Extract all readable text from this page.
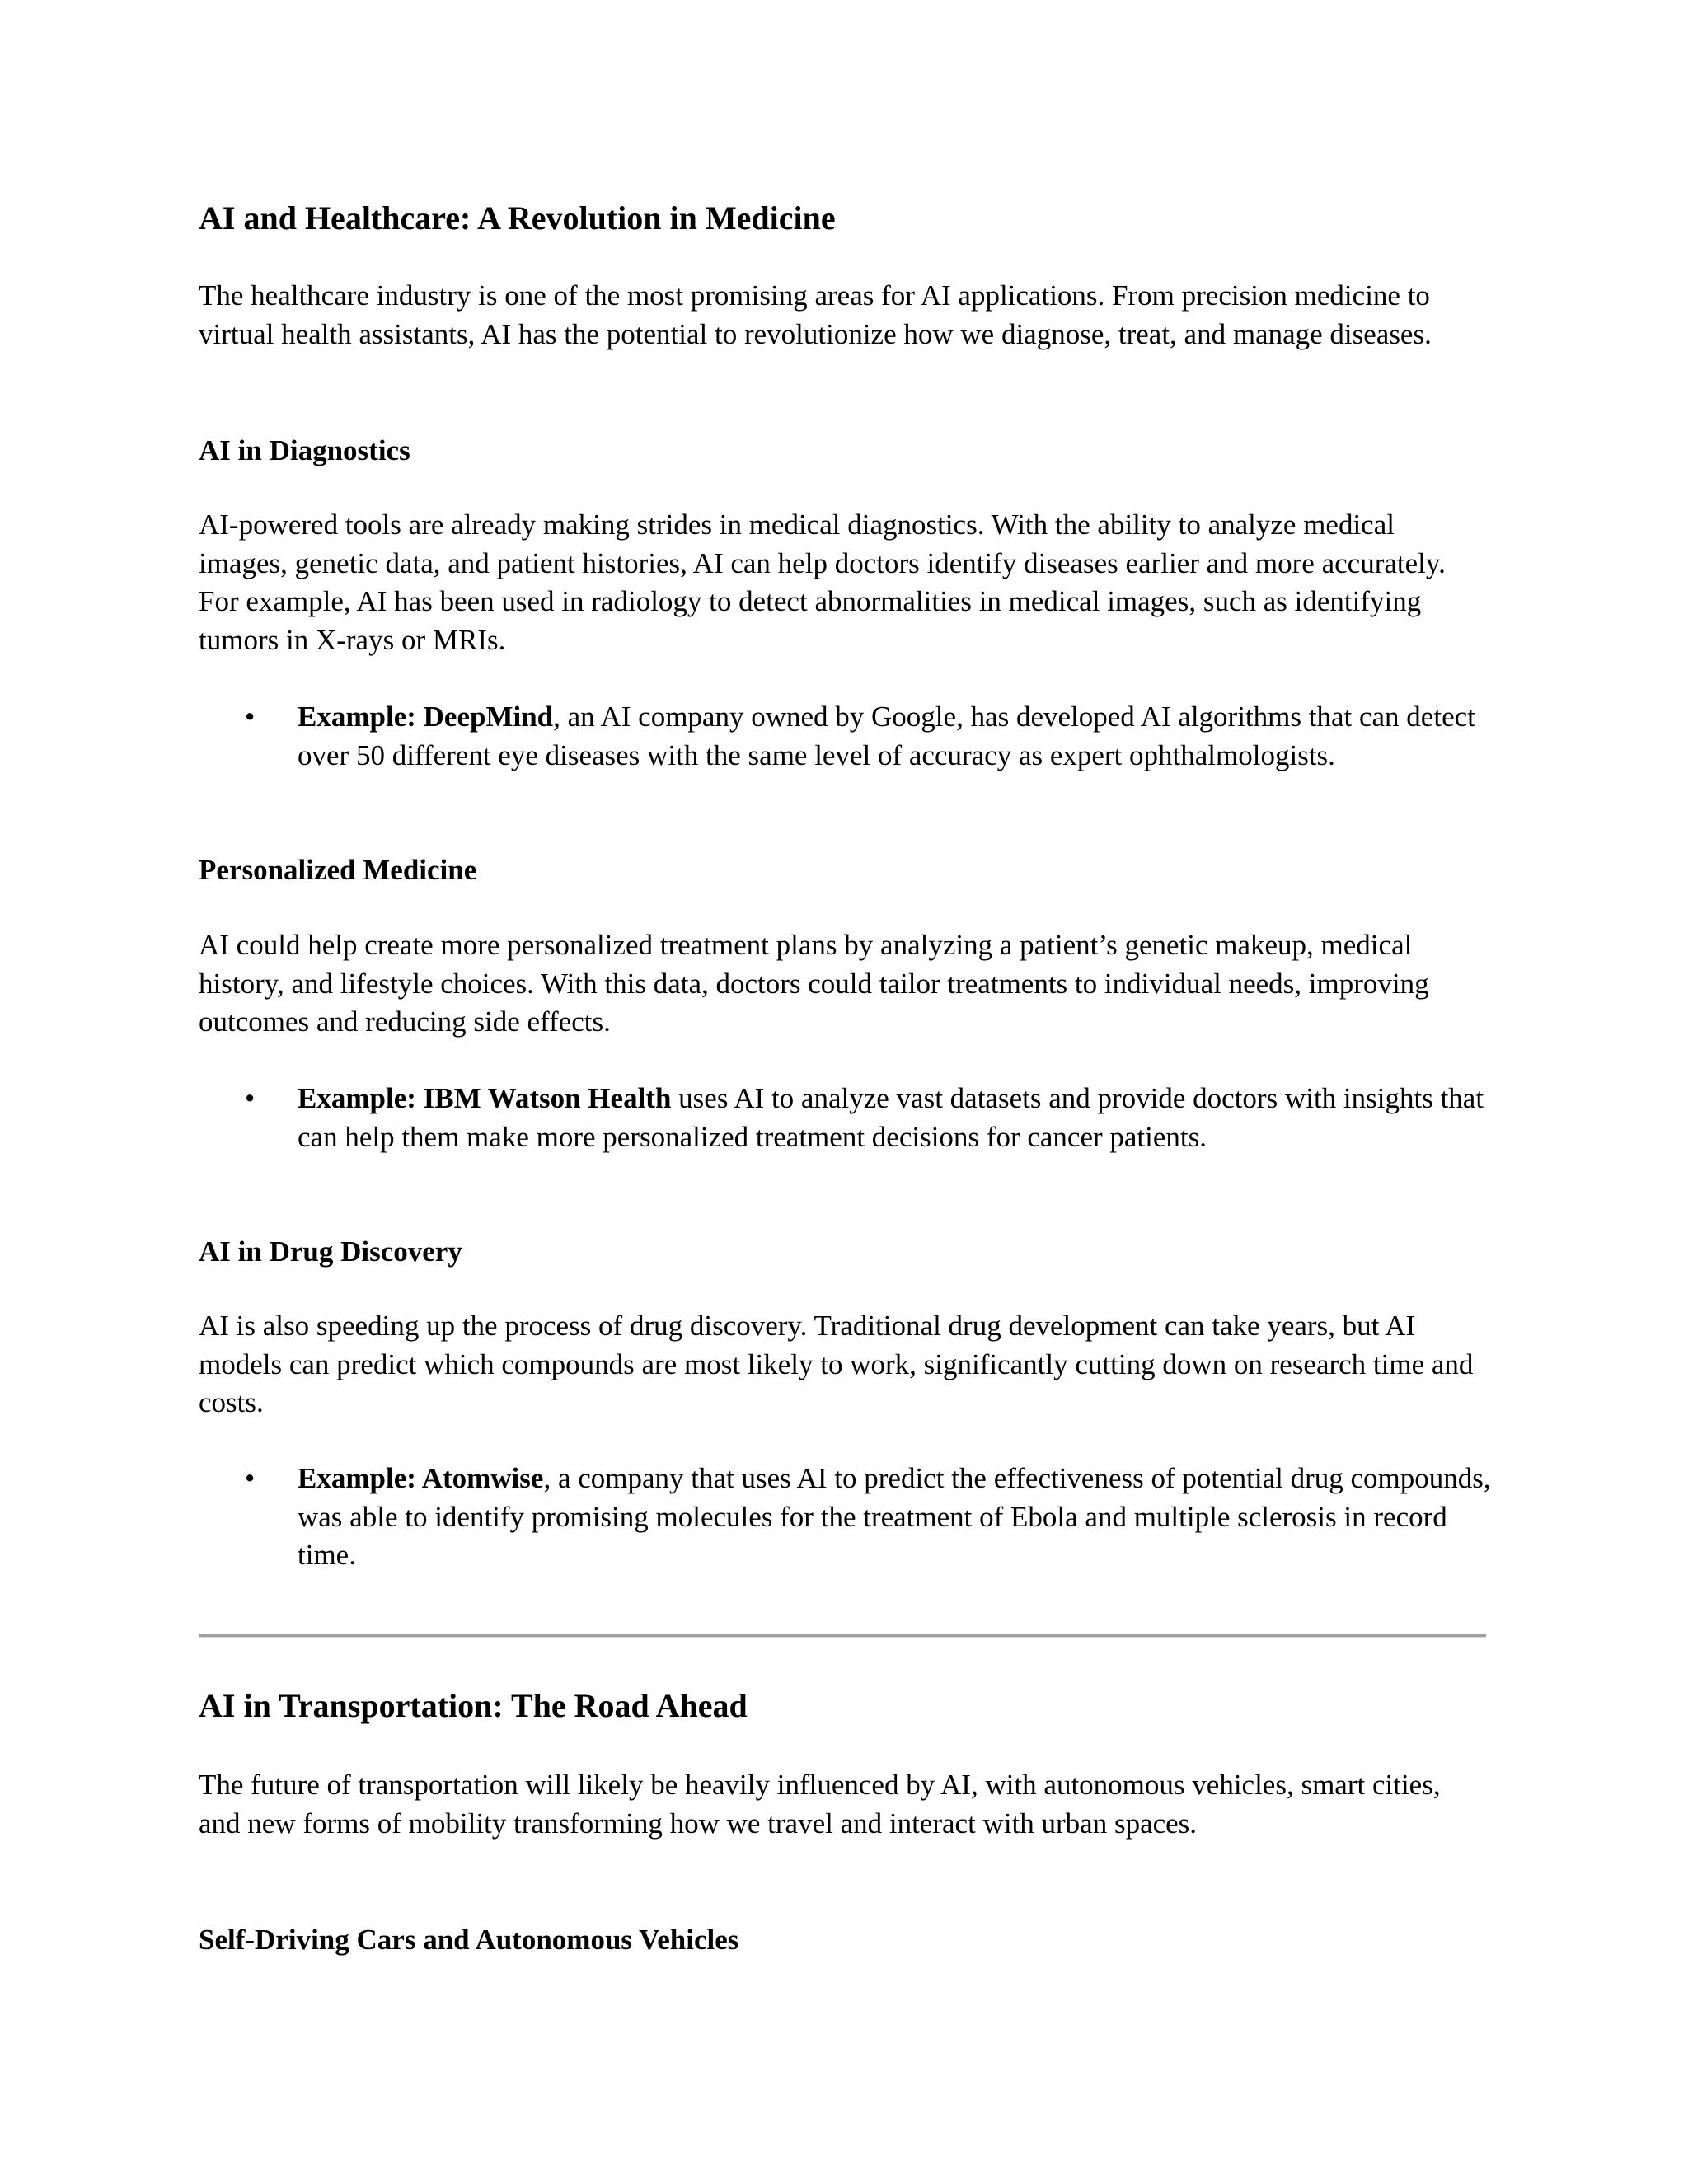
AI and Healthcare: A Revolution in Medicine

The healthcare industry is one of the most promising areas for AI applications. From precision medicine to virtual health assistants, AI has the potential to revolutionize how we diagnose, treat, and manage diseases.

AI in Diagnostics

AI-powered tools are already making strides in medical diagnostics. With the ability to analyze medical images, genetic data, and patient histories, AI can help doctors identify diseases earlier and more accurately. For example, AI has been used in radiology to detect abnormalities in medical images, such as identifying tumors in X-rays or MRIs.

• Example: DeepMind, an AI company owned by Google, has developed AI algorithms that can detect over 50 different eye diseases with the same level of accuracy as expert ophthalmologists.
Personalized Medicine

AI could help create more personalized treatment plans by analyzing a patient’s genetic makeup, medical history, and lifestyle choices. With this data, doctors could tailor treatments to individual needs, improving outcomes and reducing side effects.

• Example: IBM Watson Health uses AI to analyze vast datasets and provide doctors with insights that can help them make more personalized treatment decisions for cancer patients.
AI in Drug Discovery

AI is also speeding up the process of drug discovery. Traditional drug development can take years, but AI models can predict which compounds are most likely to work, significantly cutting down on research time and costs.

• Example: Atomwise, a company that uses AI to predict the effectiveness of potential drug compounds, was able to identify promising molecules for the treatment of Ebola and multiple sclerosis in record time.
AI in Transportation: The Road Ahead

The future of transportation will likely be heavily influenced by AI, with autonomous vehicles, smart cities, and new forms of mobility transforming how we travel and interact with urban spaces.

Self-Driving Cars and Autonomous Vehicles
